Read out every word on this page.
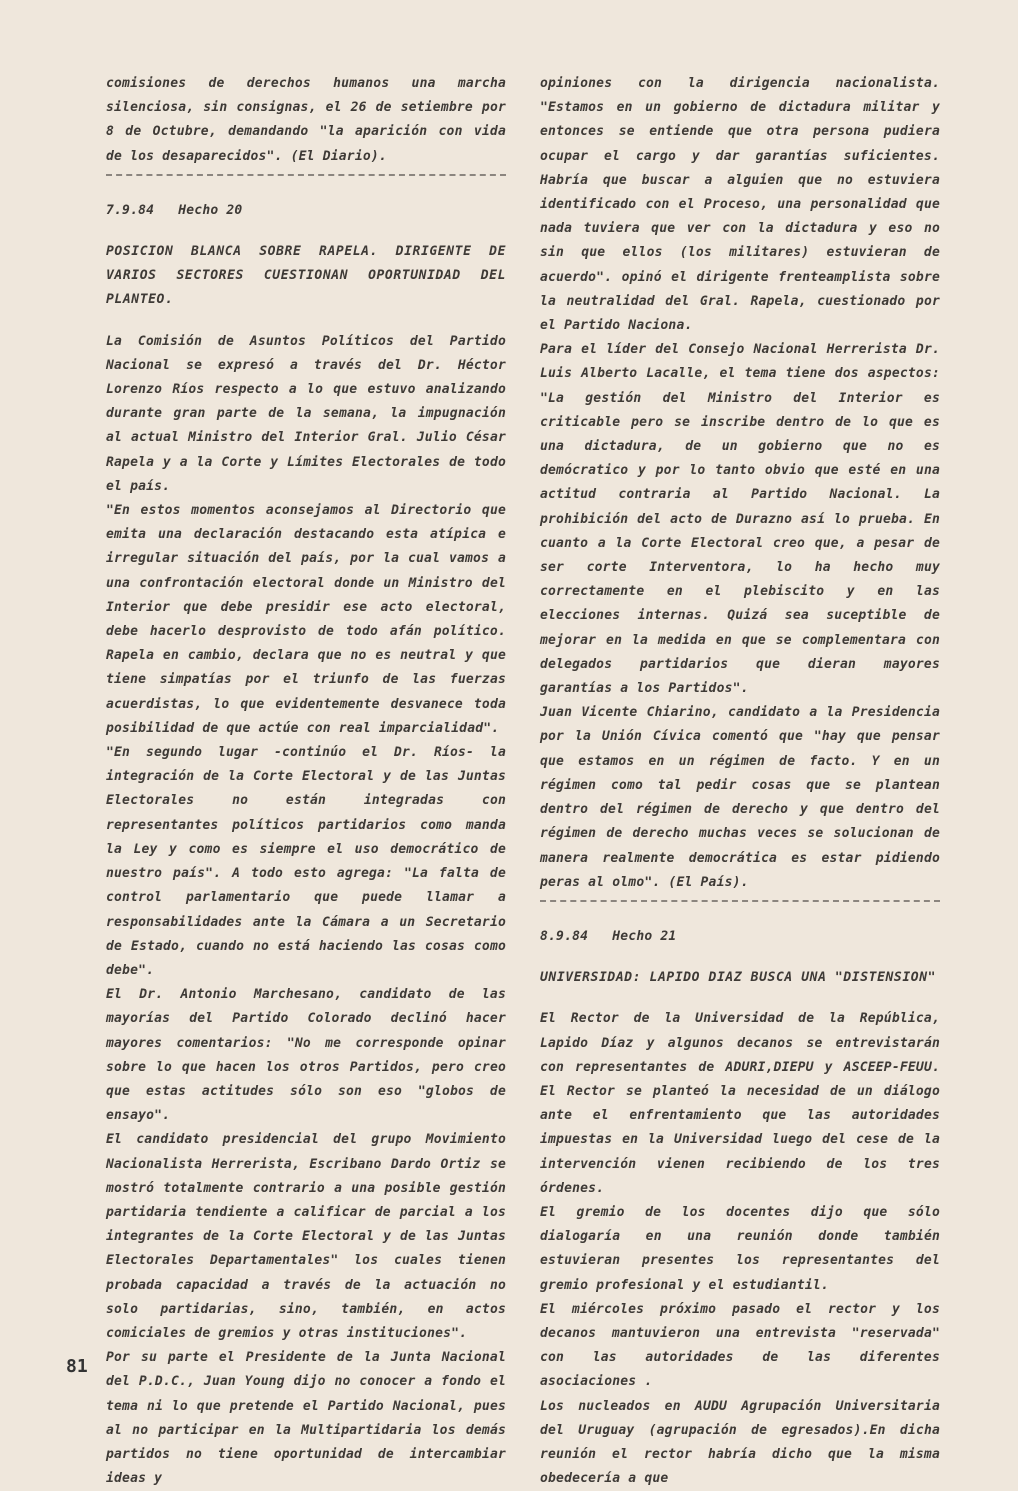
comisiones de derechos humanos una marcha silenciosa, sin consignas, el 26 de setiembre por 8 de Octubre, demandando "la aparición con vida de los desaparecidos". (El Diario).

7.9.84   Hecho 20

POSICION BLANCA SOBRE RAPELA. DIRIGENTE DE VARIOS SECTORES CUESTIONAN OPORTUNIDAD DEL PLANTEO.

La Comisión de Asuntos Políticos del Partido Nacional se expresó a través del Dr. Héctor Lorenzo Ríos respecto a lo que estuvo analizando durante gran parte de la semana, la impugnación al actual Ministro del Interior Gral. Julio César Rapela y a la Corte y Límites Electorales de todo el país.

"En estos momentos aconsejamos al Directorio que emita una declaración destacando esta atípica e irregular situación del país, por la cual vamos a una confrontación electoral donde un Ministro del Interior que debe presidir ese acto electoral, debe hacerlo desprovisto de todo afán político. Rapela en cambio, declara que no es neutral y que tiene simpatías por el triunfo de las fuerzas acuerdistas, lo que evidentemente desvanece toda posibilidad de que actúe con real imparcialidad".

"En segundo lugar -continúo el Dr. Ríos- la integración de la Corte Electoral y de las Juntas Electorales no están integradas con representantes políticos partidarios como manda la Ley y como es siempre el uso democrático de nuestro país". A todo esto agrega: "La falta de control parlamentario que puede llamar a responsabilidades ante la Cámara a un Secretario de Estado, cuando no está haciendo las cosas como debe".

El Dr. Antonio Marchesano, candidato de las mayorías del Partido Colorado declinó hacer mayores comentarios: "No me corresponde opinar sobre lo que hacen los otros Partidos, pero creo que estas actitudes sólo son eso "globos de ensayo".

El candidato presidencial del grupo Movimiento Nacionalista Herrerista, Escribano Dardo Ortiz se mostró totalmente contrario a una posible gestión partidaria tendiente a calificar de parcial a los integrantes de la Corte Electoral y de las Juntas Electorales Departamentales" los cuales tienen probada capacidad a través de la actuación no solo partidarias, sino, también, en actos comiciales de gremios y otras instituciones".

Por su parte el Presidente de la Junta Nacional del P.D.C., Juan Young dijo no conocer a fondo el tema ni lo que pretende el Partido Nacional, pues al no participar en la Multipartidaria los demás partidos no tiene oportunidad de intercambiar ideas y

opiniones con la dirigencia nacionalista. "Estamos en un gobierno de dictadura militar y entonces se entiende que otra persona pudiera ocupar el cargo y dar garantías suficientes. Habría que buscar a alguien que no estuviera identificado con el Proceso, una personalidad que nada tuviera que ver con la dictadura y eso no sin que ellos (los militares) estuvieran de acuerdo". opinó el dirigente frenteamplista sobre la neutralidad del Gral. Rapela, cuestionado por el Partido Naciona.

Para el líder del Consejo Nacional Herrerista Dr. Luis Alberto Lacalle, el tema tiene dos aspectos: "La gestión del Ministro del Interior es criticable pero se inscribe dentro de lo que es una dictadura, de un gobierno que no es demócratico y por lo tanto obvio que esté en una actitud contraria al Partido Nacional. La prohibición del acto de Durazno así lo prueba. En cuanto a la Corte Electoral creo que, a pesar de ser corte Interventora, lo ha hecho muy correctamente en el plebiscito y en las elecciones internas. Quizá sea suceptible de mejorar en la medida en que se complementara con delegados partidarios que dieran mayores garantías a los Partidos".

Juan Vicente Chiarino, candidato a la Presidencia por la Unión Cívica comentó que "hay que pensar que estamos en un régimen de facto. Y en un régimen como tal pedir cosas que se plantean dentro del régimen de derecho y que dentro del régimen de derecho muchas veces se solucionan de manera realmente democrática es estar pidiendo peras al olmo". (El País).

8.9.84   Hecho 21

UNIVERSIDAD: LAPIDO DIAZ BUSCA UNA "DISTENSION"

El Rector de la Universidad de la República, Lapido Díaz y algunos decanos se entrevistarán con representantes de ADURI,DIEPU y ASCEEP-FEUU. El Rector se planteó la necesidad de un diálogo ante el enfrentamiento que las autoridades impuestas en la Universidad luego del cese de la intervención vienen recibiendo de los tres órdenes.

El gremio de los docentes dijo que sólo dialogaría en una reunión donde también estuvieran presentes los representantes del gremio profesional y el estudiantil.

El miércoles próximo pasado el rector y los decanos mantuvieron una entrevista "reservada" con las autoridades de las diferentes asociaciones .

Los nucleados en AUDU Agrupación Universitaria del Uruguay (agrupación de egresados).En dicha reunión el rector habría dicho que la misma obedecería a que

81
